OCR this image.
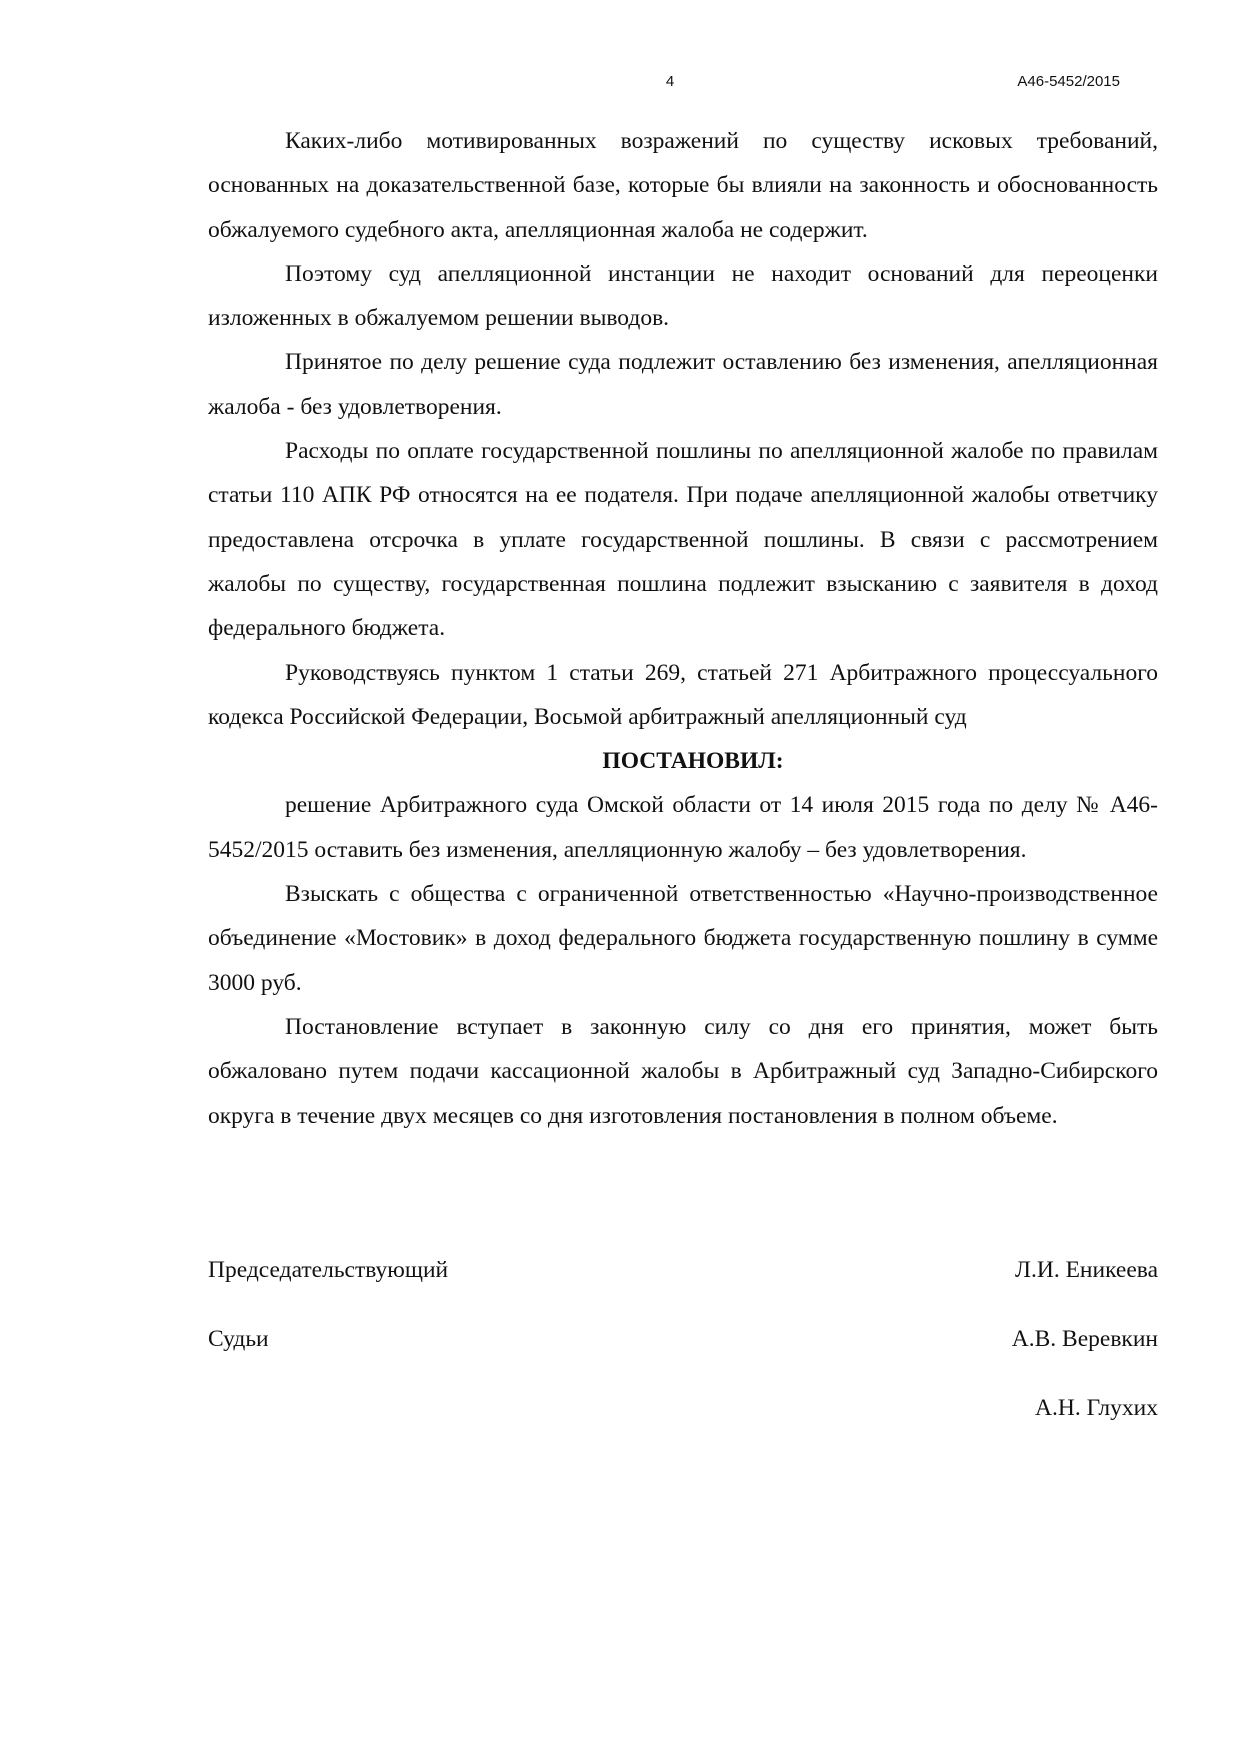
4	А46-5452/2015

Каких-либо мотивированных возражений по существу исковых требований, основанных на доказательственной базе, которые бы влияли на законность и обоснованность обжалуемого судебного акта, апелляционная жалоба не содержит.

Поэтому суд апелляционной инстанции не находит оснований для переоценки изложенных в обжалуемом решении выводов.

Принятое по делу решение суда подлежит оставлению без изменения, апелляционная жалоба - без удовлетворения.

Расходы по оплате государственной пошлины по апелляционной жалобе по правилам статьи 110 АПК РФ относятся на ее подателя. При подаче апелляционной жалобы ответчику предоставлена отсрочка в уплате государственной пошлины. В связи с рассмотрением жалобы по существу, государственная пошлина подлежит взысканию с заявителя в доход федерального бюджета.

Руководствуясь пунктом 1 статьи 269, статьей 271 Арбитражного процессуального кодекса Российской Федерации, Восьмой арбитражный апелляционный суд

ПОСТАНОВИЛ:

решение Арбитражного суда Омской области от 14 июля 2015 года по делу № А46-5452/2015 оставить без изменения, апелляционную жалобу – без удовлетворения.

Взыскать с общества с ограниченной ответственностью «Научно-производственное объединение «Мостовик» в доход федерального бюджета государственную пошлину в сумме 3000 руб.

Постановление вступает в законную силу со дня его принятия, может быть обжаловано путем подачи кассационной жалобы в Арбитражный суд Западно-Сибирского округа в течение двух месяцев со дня изготовления постановления в полном объеме.

Председательствующий	Л.И. Еникеева
Судьи	А.В. Веревкин
А.Н. Глухих
